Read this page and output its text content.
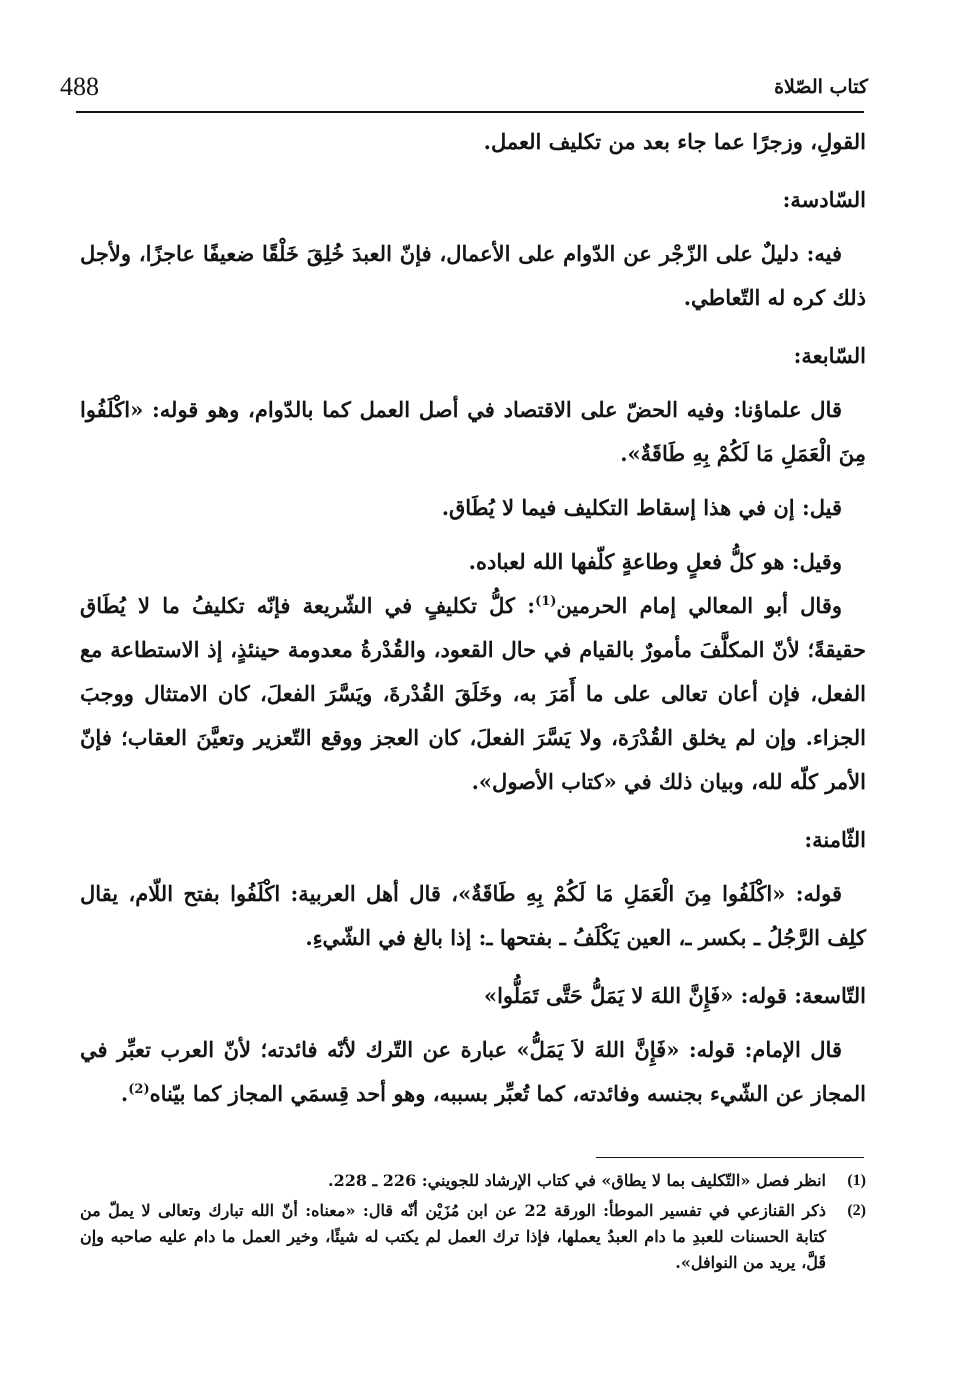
كتاب الصّلاة
488

القولِ، وزجرًا عما جاء بعد من تكليف العمل.

السّادسة:

فيه: دليلٌ على الزّجْر عن الدّوام على الأعمال، فإنّ العبدَ خُلِقَ خَلْقًا ضعيفًا عاجزًا، ولأجل ذلك كره له التّعاطي.

السّابعة:

قال علماؤنا: وفيه الحضّ على الاقتصاد في أصل العمل كما بالدّوام، وهو قوله: «اكْلَفُوا مِنَ الْعَمَلِ مَا لَكُمْ بِهِ طَاقَةٌ».

قيل: إن في هذا إسقاط التكليف فيما لا يُطَاق.

وقيل: هو كلُّ فعلٍ وطاعةٍ كلّفها الله لعباده.

وقال أبو المعالي إمام الحرمين$^{(1)}$: كلُّ تكليفٍ في الشّريعة فإنّه تكليفُ ما لا يُطَاق حقيقةً؛ لأنّ المكلَّفَ مأمورٌ بالقيام في حال القعود، والقُدْرةُ معدومة حينئذٍ، إذ الاستطاعة مع الفعل، فإن أعان تعالى على ما أَمَرَ به، وخَلَقَ القُدْرةَ، ويَسَّرَ الفعلَ، كان الامتثال ووجبَ الجزاء. وإن لم يخلق القُدْرَة، ولا يَسَّرَ الفعلَ، كان العجز ووقع التّعزير وتعيَّنَ العقاب؛ فإنّ الأمر كلّه لله، وبيان ذلك في «كتاب الأصول».

الثّامنة:

قوله: «اكْلَفُوا مِنَ الْعَمَلِ مَا لَكُمْ بِهِ طَاقَةٌ»، قال أهل العربية: اكْلَفُوا بفتح اللّام، يقال كلِف الرَّجُلُ ـ بكسر ـ، العين يَكْلَفُ ـ بفتحها ـ: إذا بالغ في الشّيءِ.

التّاسعة: قوله: «فَإِنَّ اللهَ لا يَمَلُّ حَتَّى تَمَلُّوا»

قال الإمام: قوله: «فَإِنَّ اللهَ لاَ يَمَلُّ» عبارة عن التّرك لأنّه فائدته؛ لأنّ العرب تعبِّر في المجاز عن الشّيء بجنسه وفائدته، كما تُعبِّر بسببه، وهو أحد قِسمَي المجاز كما بيّناه$^{(2)}$.

(1)
انظر فصل «التّكليف بما لا يطاق» في كتاب الإرشاد للجويني: 226 ـ 228.
(2)
ذكر القنازعي في تفسير الموطأ: الورقة 22 عن ابن مُزَيْن أنّه قال: «معناه: أنّ الله تبارك وتعالى لا يملّ من كتابة الحسنات للعبدِ ما دام العبدُ يعملها، فإذا ترك العمل لم يكتب له شيئًا، وخير العمل ما دام عليه صاحبه وإن قَلَّ، يريد من النوافل».
